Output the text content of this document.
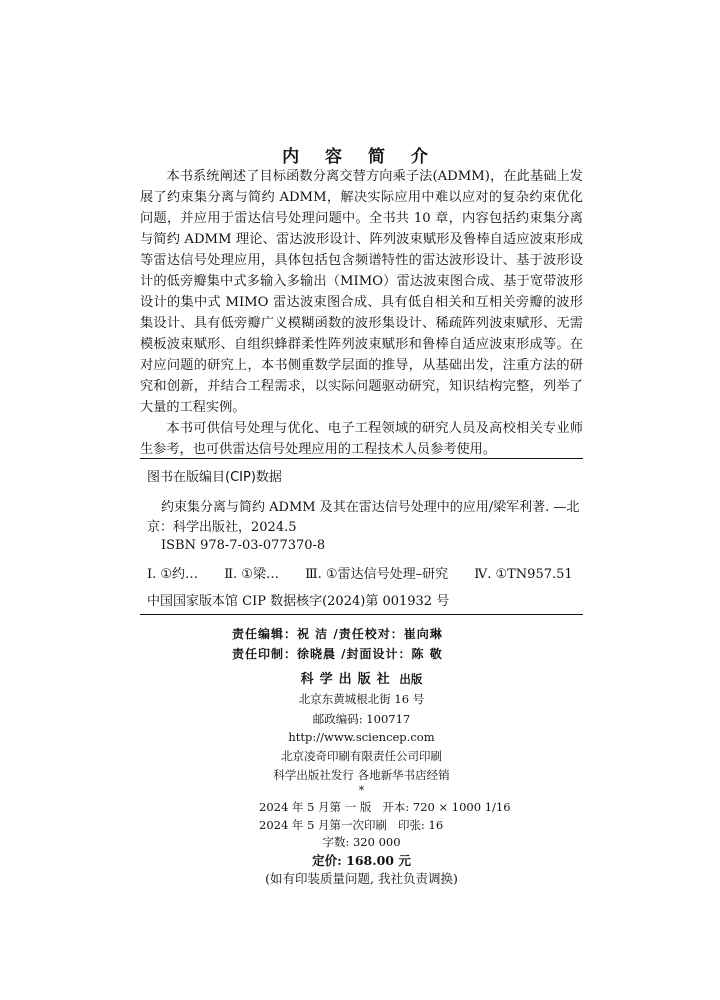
内 容 简 介

本书系统阐述了目标函数分离交替方向乘子法(ADMM)，在此基础上发展了约束集分离与简约 ADMM，解决实际应用中难以应对的复杂约束优化问题，并应用于雷达信号处理问题中。全书共 10 章，内容包括约束集分离与简约 ADMM 理论、雷达波形设计、阵列波束赋形及鲁棒自适应波束形成等雷达信号处理应用，具体包括包含频谱特性的雷达波形设计、基于波形设计的低旁瓣集中式多输入多输出（MIMO）雷达波束图合成、基于宽带波形设计的集中式 MIMO 雷达波束图合成、具有低自相关和互相关旁瓣的波形集设计、具有低旁瓣广义模糊函数的波形集设计、稀疏阵列波束赋形、无需模板波束赋形、自组织蜂群柔性阵列波束赋形和鲁棒自适应波束形成等。在对应问题的研究上，本书侧重数学层面的推导，从基础出发，注重方法的研究和创新，并结合工程需求，以实际问题驱动研究，知识结构完整，列举了大量的工程实例。

本书可供信号处理与优化、电子工程领域的研究人员及高校相关专业师生参考，也可供雷达信号处理应用的工程技术人员参考使用。

图书在版编目(CIP)数据
约束集分离与简约 ADMM 及其在雷达信号处理中的应用/梁军利著. —北
京：科学出版社，2024.5
ISBN 978-7-03-077370-8
Ⅰ. ①约… Ⅱ. ①梁… Ⅲ. ①雷达信号处理–研究 Ⅳ. ①TN957.51
中国国家版本馆 CIP 数据核字(2024)第 001932 号
责任编辑：祝 洁 /责任校对：崔向琳
责任印制：徐晓晨 /封面设计：陈 敬
科学出版社 出版
北京东黄城根北街 16 号
邮政编码: 100717
http://www.sciencep.com
北京凌奇印刷有限责任公司印刷
科学出版社发行 各地新华书店经销
*
2024 年 5 月第 一 版 开本: 720 × 1000 1/16
2024 年 5 月第一次印刷 印张: 16
字数: 320 000
定价: 168.00 元
(如有印装质量问题, 我社负责调换)
